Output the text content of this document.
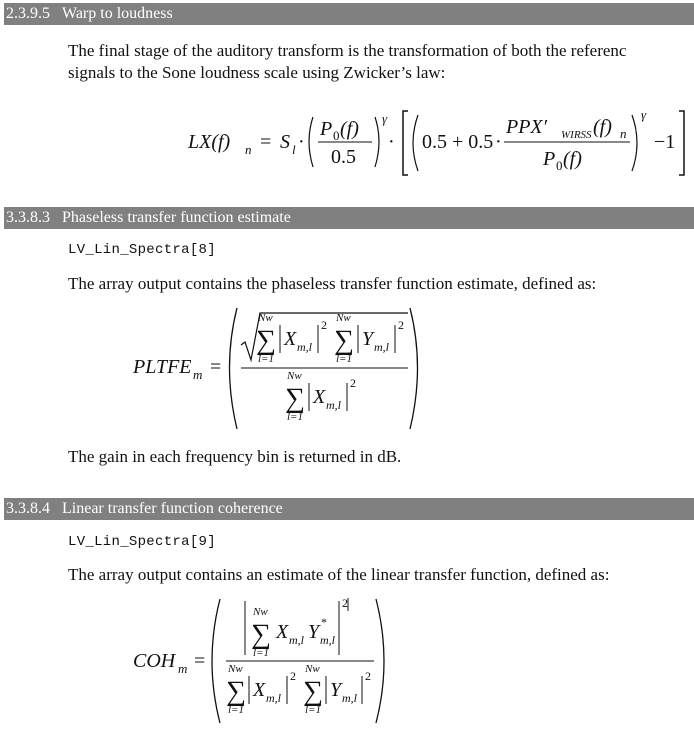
2.3.9.5 Warp to loudness
The final stage of the auditory transform is the transformation of both the referenc
signals to the Sone loudness scale using Zwicker’s law:
LX(f) n = S l ·
P 0 (f)
0.5
γ
· 0.5 + 0.5 ·
PPX′ WIRSS (f) n
P 0 (f)
γ
−1
3.3.8.3 Phaseless transfer function estimate
LV_Lin_Spectra[8]
The array output contains the phaseless transfer function estimate, defined as:
PLTFE m =
Nw
∑
l=1
X m,l
2 Nw
∑
l=1
Y m,l
2
Nw
∑
l=1
X m,l
2
The gain in each frequency bin is returned in dB.
3.3.8.4 Linear transfer function coherence
LV_Lin_Spectra[9]
The array output contains an estimate of the linear transfer function, defined as:
COH m =
Nw
∑
l=1
X m,l Y *
m,l
2
Nw
∑
l=1
X m,l
2 Nw
∑
l=1
Y m,l
2
